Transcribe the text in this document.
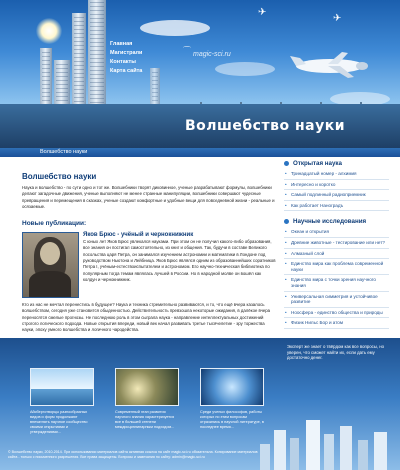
Главная
Магистрали
Контакты
Карта сайта
magic-sci.ru
✈
✈
⌒
Волшебство науки
Волшебство науки
Волшебство науки
Наука и волшебство - по сути одно и тот же. Волшебники творят диковинное, ученые разрабатывают формулы, волшебники делают загадочные движения, ученые выполняют не менее странные манипуляции, волшебники совершают чудесные превращения и перемещения в сказках, ученые создают комфортные и удобные вещи для повседневной жизни - реальные и осязаемые.
Новые публикации:
Яков Брюс - учёный и чернокнижник
С юных лет Яков Брюс увлекался науками. При этом он не получил какого-либо образования, все знания он постигал самостоятельно, из книг и общения. Так, будучи в составе Великого посольства царя Петра, он занимался изучением астрономии и математики в Лондоне под руководством Ньютона и Лейбница. Яков Брюс являлся одним из образованнейших соратников Петра I, учёным-естествоиспытателем и астрономом. Его научно-техническая библиотека по популярным тогда темам являлась лучшей в России. Но в народной молве он вошёл как колдун и чернокнижник.
Кто из нас не мечтал перенестись в будущее? Наука и техника стремительно развиваются, и то, что ещё вчера казалось волшебством, сегодня уже становится обыденностью. Действительность превзошла некоторые ожидания, в далёкое вчера переносятся смелые прогнозы. Не последнюю роль в этом сыграла наука - направление интеллектуальных достижений строгого логического подхода. Новые открытия впереди, новый век начал развивать третье тысячелетие - эру торжества науки, эпоху умного волшебства и логичного чародейства.
Открытая наука
• Тринадцатый номер - алхимия
• Интересно и коротко
• Самый подлинный радиоприемник
• Как работает Наноградъ
Научные исследования
• Океан и открытия
• Древние животные - тестирование или нет?
• Алмазный слой
• Единство мира как проблема современной науки
• Единство мира с точки зрения научного знания
• Универсальная симметрия и устойчивое развитие
• Ноосфера - единство общества и природы
• Физик Нильс Бор и атом
Айсберготворцы разнообразных видов и форм продолжают впечатлять научное сообщество своими открытиями и утверждениями...
Современный этап развития научного знания характеризуется все в большей степени междисциплинарным подходом...
Среди ученых философов, работы которых по этим вопросам отразились в научной литературе, в последнее время...
Эксперт же знает о твёрдом как все вопросы, но уверен, что сможет найти их, если дать ему достаточно денег.
© Волшебство науки, 2010-2014. При использовании материалов сайта активная ссылка на сайт magic-sci.ru обязательна. Копирование материалов сайта - только с письменного разрешения. Все права защищены. Вопросы и замечания по сайту: admin@magic-sci.ru
